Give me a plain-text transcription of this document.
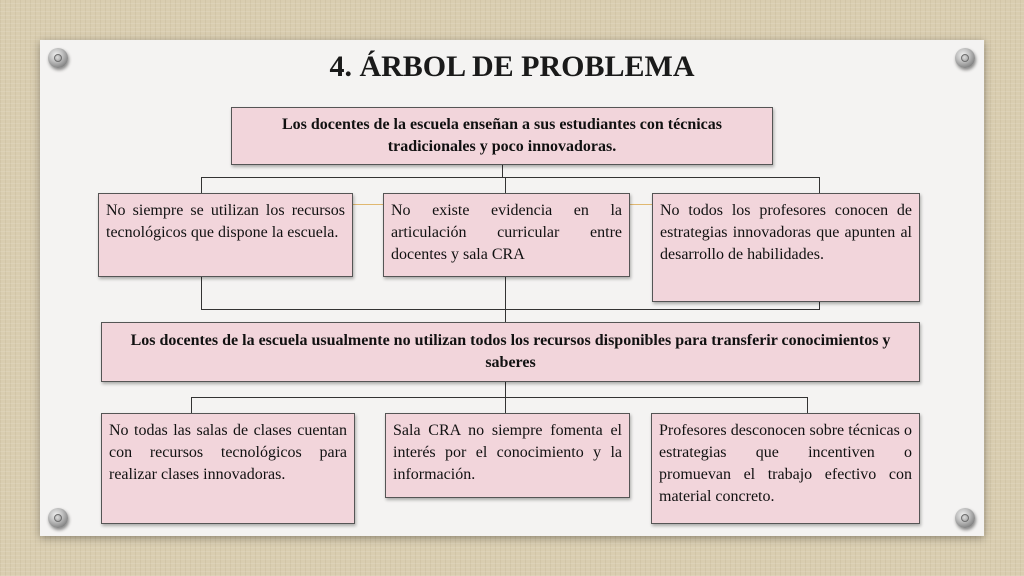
4. ÁRBOL DE PROBLEMA
Los docentes de la escuela enseñan a sus estudiantes con técnicas tradicionales y poco innovadoras.
No siempre se utilizan los recursos tecnológicos que dispone la escuela.
No existe evidencia en la articulación curricular entre docentes y sala CRA
No todos los profesores conocen de estrategias innovadoras que apunten al desarrollo de habilidades.
Los docentes de la escuela usualmente no utilizan todos los recursos disponibles para transferir conocimientos y saberes
No todas las salas de clases cuentan con recursos tecnológicos para realizar clases innovadoras.
Sala CRA no siempre fomenta el interés por el conocimiento y la información.
Profesores desconocen sobre técnicas o estrategias que incentiven o promuevan el trabajo efectivo con material concreto.
